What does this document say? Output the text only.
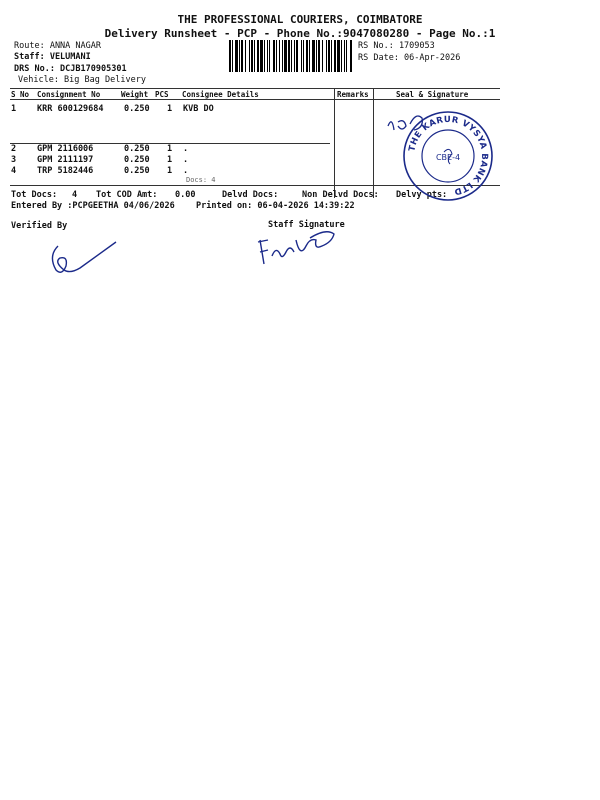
THE PROFESSIONAL COURIERS, COIMBATORE
Delivery Runsheet - PCP - Phone No.:9047080280 - Page No.:1
Route: ANNA NAGAR
Staff: VELUMANI
DRS No.: DCJB170905301
Vehicle: Big Bag Delivery
RS No.: 1709053
RS Date: 06-Apr-2026
S No Consignment No	Weight PCS Consignee Details	Remarks	Seal & Signature
1 KRR 600129684 0.250 1 KVB DO
2 GPM 2116006	0.250 1 .
3 GPM 2111197	0.250 1 .
4 TRP 5182446	0.250 1 .
Docs: 4
Tot Docs: 4 Tot COD Amt: 0.00	Delvd Docs:	Non Delvd Docs: Delvy pts:
Entered By :PCPGEETHA 04/06/2026 Printed on: 06-04-2026 14:39:22
Verified By	Staff Signature
THE KARUR VYSYA BANK LTD
CBE-4
